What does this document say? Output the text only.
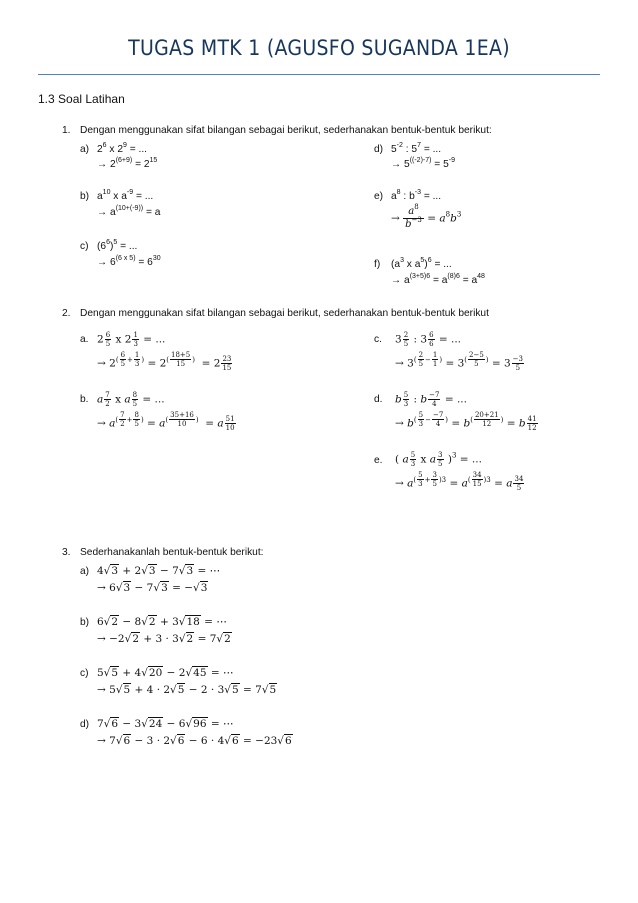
TUGAS MTK 1 (AGUSFO SUGANDA 1EA)
1.3 Soal Latihan
1. Dengan menggunakan sifat bilangan sebagai berikut, sederhanakan bentuk-bentuk berikut:
a) $2^6$ x $2^9$ = ...
→ $2^{(6+9)} = 2^{15}$
b) $a^{10}$ x $a^{-9}$ = ...
→ $a^{(10+(-9))} = a$
c) $(6^6)^5$ = ...
→ $6^{(6 x 5)} = 6^{30}$
d) $5^{-2}$ : $5^7$ = ...
→ $5^{((-2)-7)} = 5^{-9}$
e) $a^8$ : $b^{-3}$ = ...
→ $\frac{a^8}{b^{-3}} = a^8b^3$
f) ($a^3$ x $a^5)^6$ = ...
→ $a^{(3+5)6} = a^{(8)6} = a^{48}$
2. Dengan menggunakan sifat bilangan sebagai berikut, sederhanakan bentuk-bentuk berikut
a. $2 \frac{6}{5}$ x $2 \frac{1}{3}$ = ...
→ $2^{( \frac{6}{5} + \frac{1}{3} )} = 2^{( \frac{18+5}{15} )} = 2 \frac{23}{15}$
b. a $\frac{7}{2}$ x a $\frac{8}{5}$ = ...
→ $a^{( \frac{7}{2} + \frac{8}{5} )} = a^{( \frac{35+16}{10} )} = a \frac{51}{10}$
c. $3 \frac{2}{5}$ : $3 \frac{6}{6}$ = ...
→ $3^{( \frac{2}{5} - \frac{1}{1} )} = 3^{( \frac{2-5}{5} )} = 3 \frac{-3}{5}$
d. b $\frac{5}{3}$ : b $\frac{-7}{4}$ = ...
→ $b^{( \frac{5}{3} - \frac{-7}{4} )} = b^{( \frac{20+21}{12} )} = b \frac{41}{12}$
e. ( a $\frac{5}{3}$ x a $\frac{3}{5} )^3$ = ...
→ $a^{( \frac{5}{3} + \frac{3}{5} )3} = a^{( \frac{34}{15} )3} = a \frac{34}{5}$
3. Sederhanakanlah bentuk-bentuk berikut:
a) 4√3 + 2√3 − 7√3 = ⋯
→ 6√3 − 7√3 = −√3
b) 6√2 − 8√2 + 3√18 = ⋯
→ −2√2 + 3 · 3√2 = 7√2
c) 5√5 + 4√20 − 2√45 = ⋯
→ 5√5 + 4 · 2√5 − 2 · 3√5 = 7√5
d) 7√6 − 3√24 − 6√96 = ⋯
→ 7√6 − 3 · 2√6 − 6 · 4√6 = −23√6
